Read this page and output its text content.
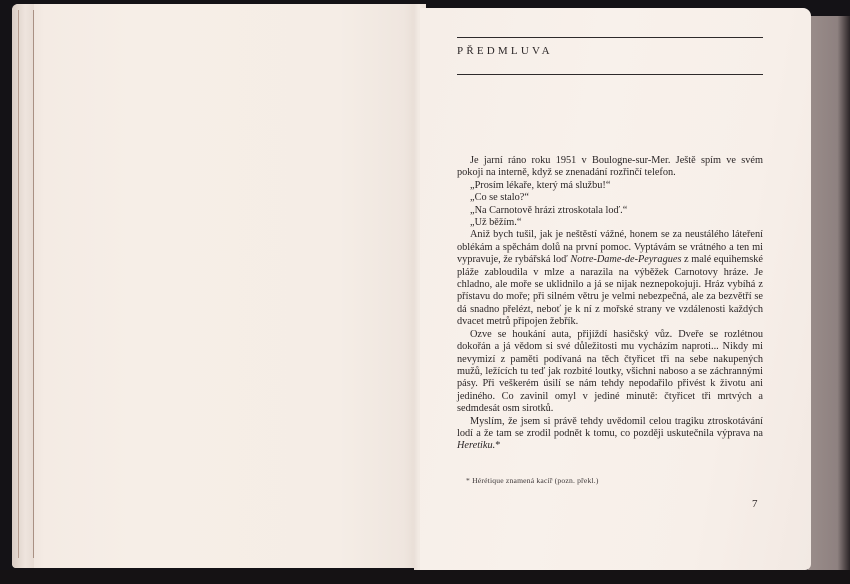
PŘEDMLUVA

Je jarní ráno roku 1951 v Boulogne-sur-Mer. Ještě spím ve svém pokoji na interně, když se znenadání rozřinčí telefon.

„Prosím lékaře, který má službu!“

„Co se stalo?“

„Na Carnotově hrázi ztroskotala loď.“

„Už běžím.“

Aniž bych tušil, jak je neštěstí vážné, honem se za neustálého láteření oblékám a spěchám dolů na první pomoc. Vyptávám se vrátného a ten mi vypravuje, že rybářská loď Notre-Dame-de-Peyragues z malé equihemské pláže zabloudila v mlze a narazila na výběžek Carnotovy hráze. Je chladno, ale moře se uklidnilo a já se nijak neznepokojuji. Hráz vybíhá z přístavu do moře; při silném větru je velmi nebezpečná, ale za bezvětří se dá snadno přelézt, neboť je k ní z mořské strany ve vzdálenosti každých dvacet metrů připojen žebřík.

Ozve se houkání auta, přijíždí hasičský vůz. Dveře se rozlétnou dokořán a já vědom si své důležitosti mu vycházím naproti... Nikdy mi nevymizí z paměti podívaná na těch čtyřicet tři na sebe nakupených mužů, ležících tu teď jak rozbité loutky, všichni naboso a se záchrannými pásy. Při veškerém úsilí se nám tehdy nepodařilo přivést k životu ani jediného. Co zavinil omyl v jediné minutě: čtyřicet tři mrtvých a sedmdesát osm sirotků.

Myslím, že jsem si právě tehdy uvědomil celou tragiku ztroskotávání lodí a že tam se zrodil podnět k tomu, co později uskutečnila výprava na Heretiku.*

* Hérétique znamená kacíř (pozn. překl.)
7
